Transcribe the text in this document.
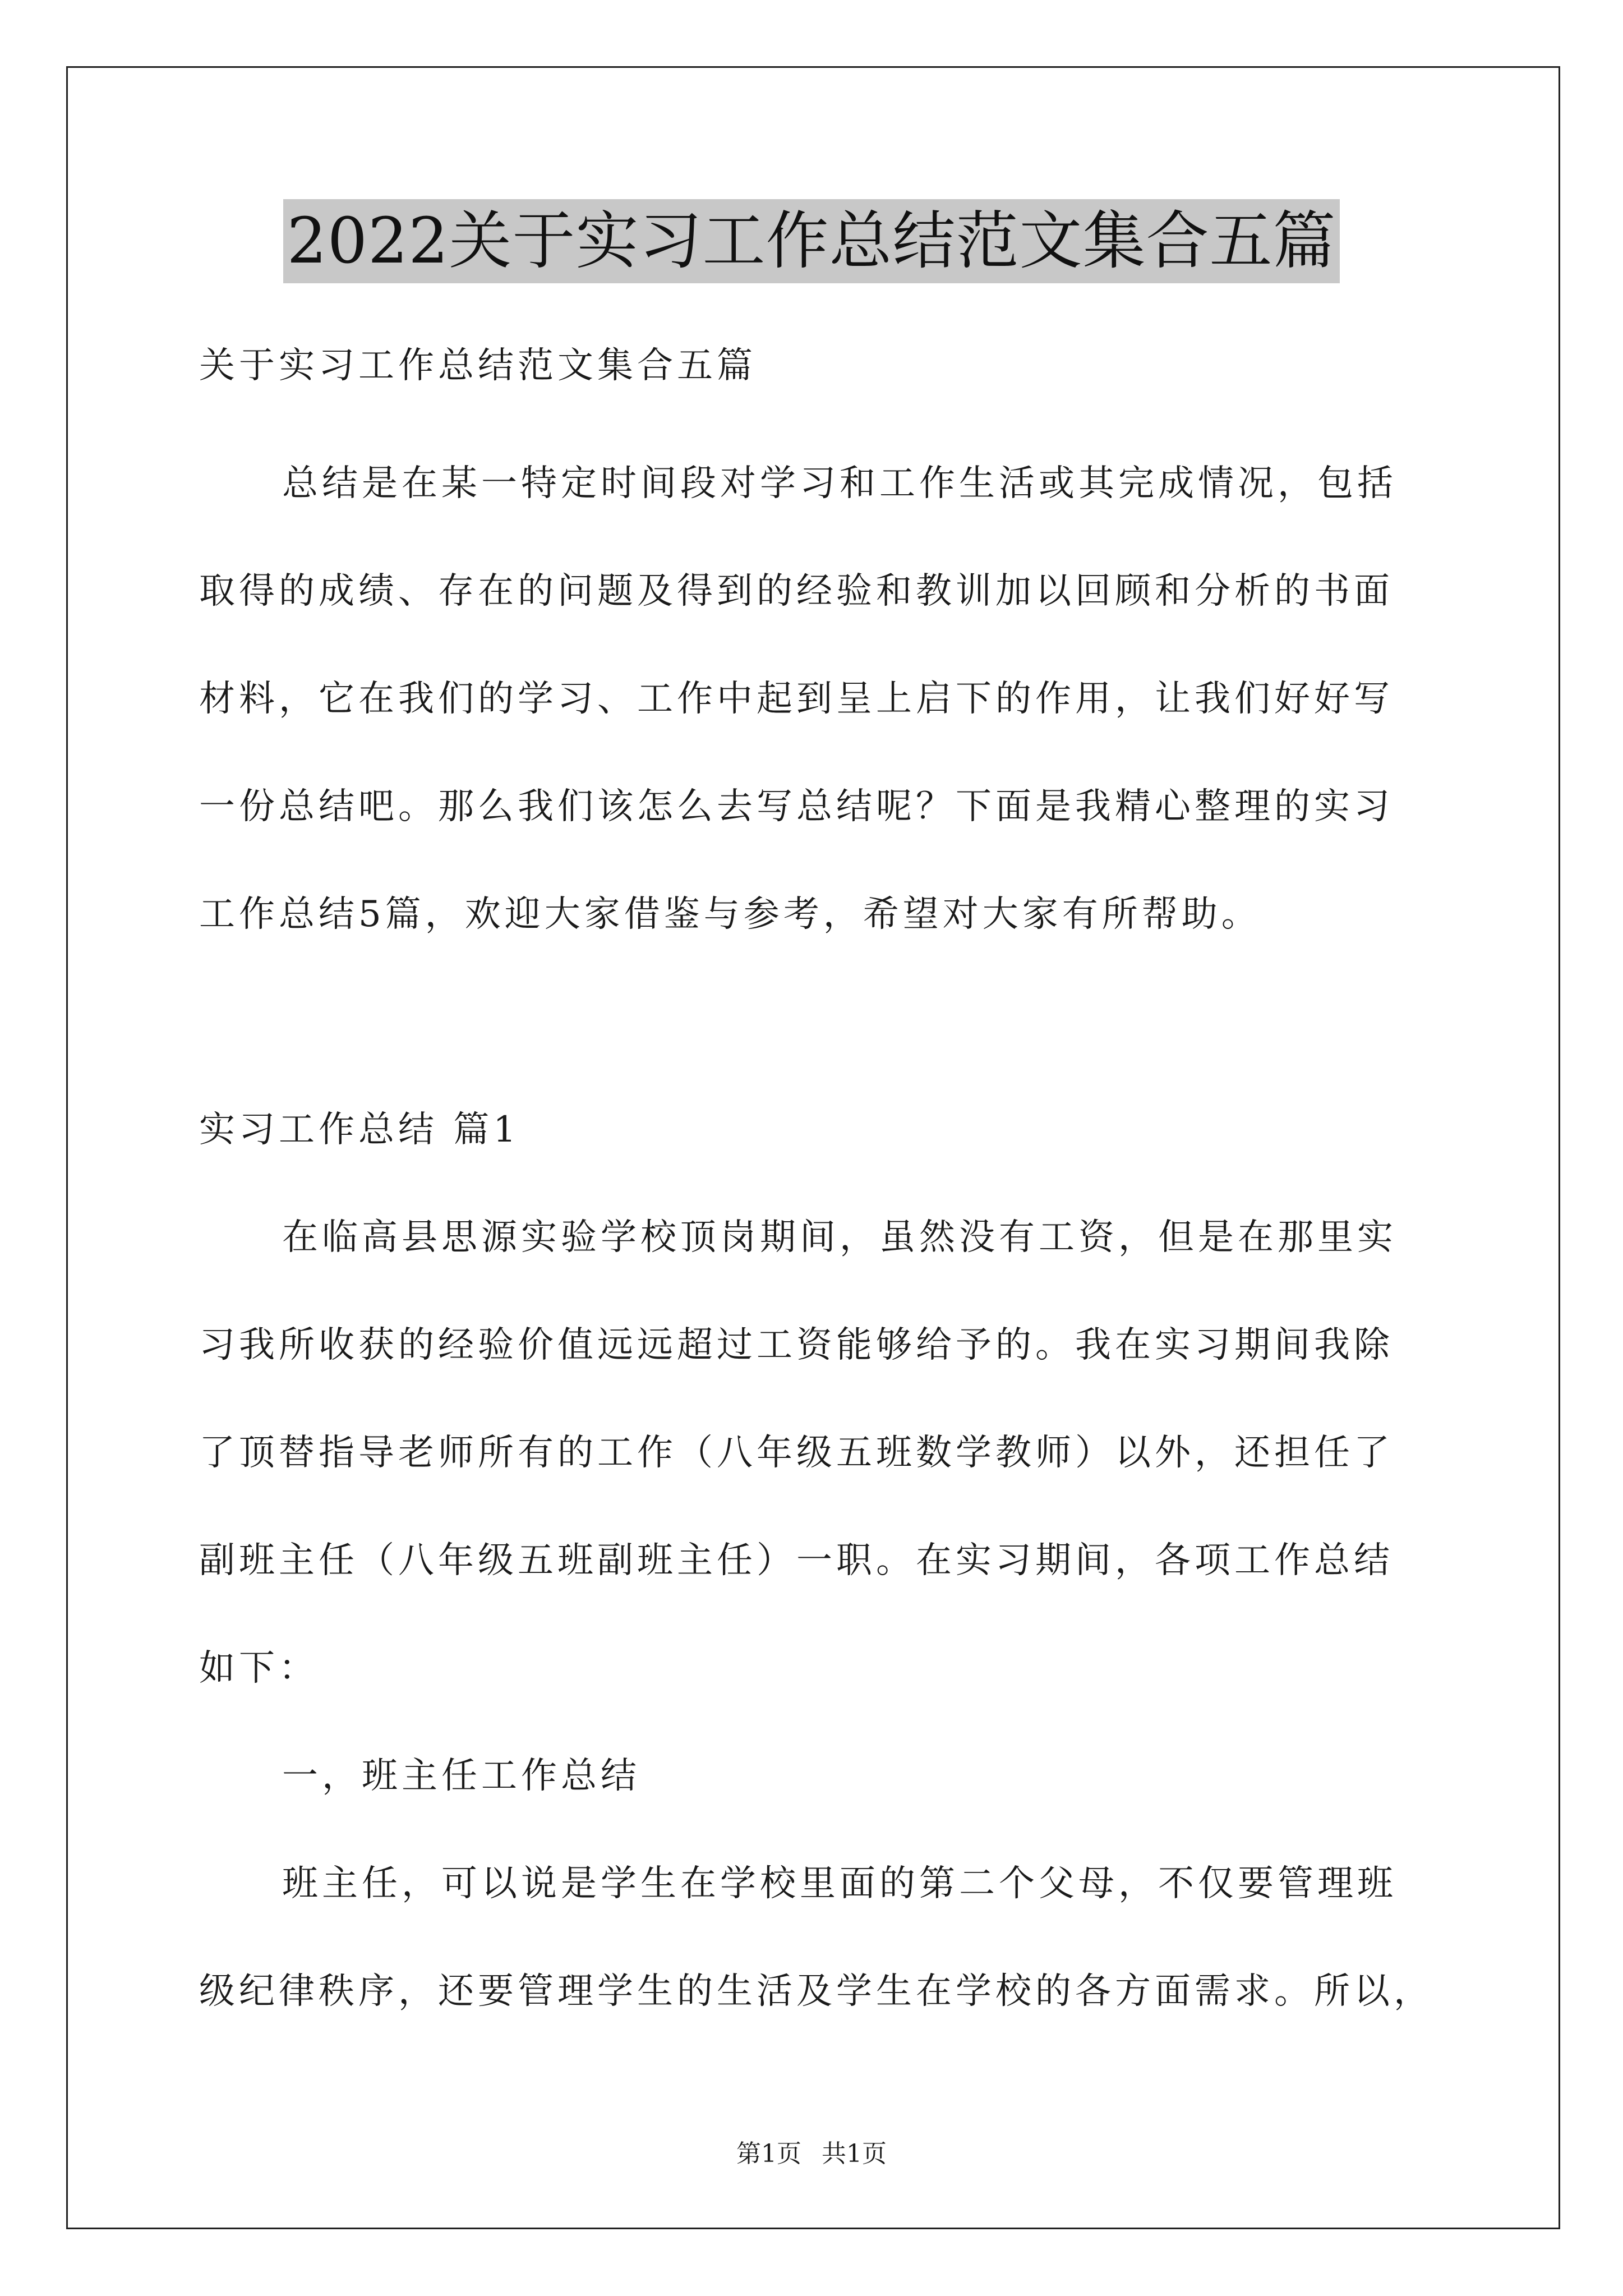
2022关于实习工作总结范文集合五篇
关于实习工作总结范文集合五篇
总结是在某一特定时间段对学习和工作生活或其完成情况，包括
取得的成绩、存在的问题及得到的经验和教训加以回顾和分析的书面
材料，它在我们的学习、工作中起到呈上启下的作用，让我们好好写
一份总结吧。那么我们该怎么去写总结呢？下面是我精心整理的实习
工作总结5篇，欢迎大家借鉴与参考，希望对大家有所帮助。
实习工作总结 篇1
在临高县思源实验学校顶岗期间，虽然没有工资，但是在那里实
习我所收获的经验价值远远超过工资能够给予的。我在实习期间我除
了顶替指导老师所有的工作（八年级五班数学教师）以外，还担任了
副班主任（八年级五班副班主任）一职。在实习期间，各项工作总结
如下：
一，班主任工作总结
班主任，可以说是学生在学校里面的第二个父母，不仅要管理班
级纪律秩序，还要管理学生的生活及学生在学校的各方面需求。所以，
第1页 共1页
